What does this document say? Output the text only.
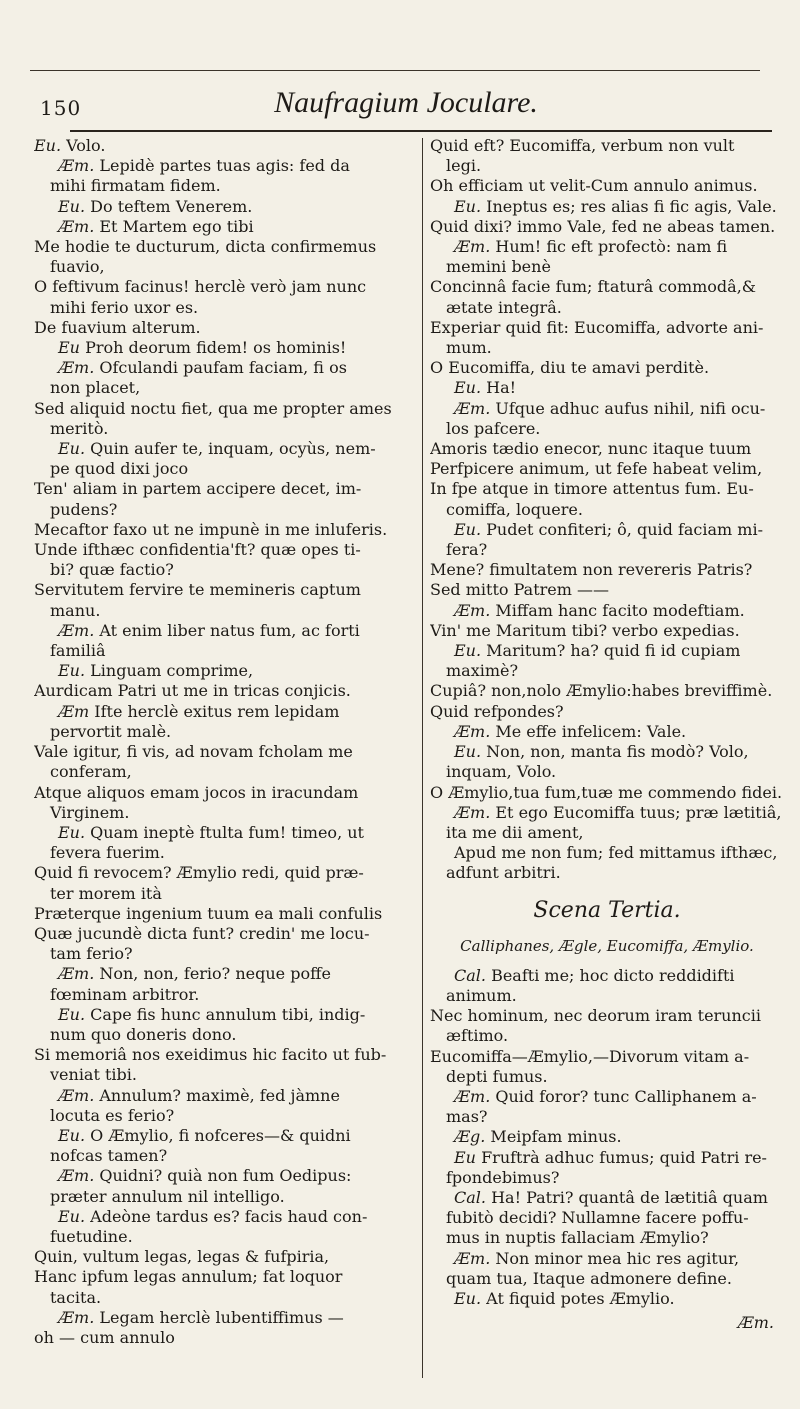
150	Naufragium Joculare.
Eu. Volo.
Æm. Lepidè partes tuas agis: fed da
mihi firmatam fidem.
Eu. Do teftem Venerem.
Æm. Et Martem ego tibi
Me hodie te ducturum, dicta confirmemus
fuavio,
O feftivum facinus! herclè verò jam nunc
mihi ferio uxor es.
De fuavium alterum.
Eu Proh deorum fidem! os hominis!
Æm. Ofculandi paufam faciam, fi os
non placet,
Sed aliquid noctu fiet, qua me propter ames
meritò.
Eu. Quin aufer te, inquam, ocyùs, nem-
pe quod dixi joco
Ten' aliam in partem accipere decet, im-
pudens?
Mecaftor faxo ut ne impunè in me inluferis.
Unde ifthæc confidentia'ft? quæ opes ti-
bi? quæ factio?
Servitutem fervire te memineris captum
manu.
Æm. At enim liber natus fum, ac forti
familiâ
Eu. Linguam comprime,
Aurdicam Patri ut me in tricas conjicis.
Æm Ifte herclè exitus rem lepidam
pervortit malè.
Vale igitur, fi vis, ad novam fcholam me
conferam,
Atque aliquos emam jocos in iracundam
Virginem.
Eu. Quam ineptè ftulta fum! timeo, ut
fevera fuerim.
Quid fi revocem? Æmylio redi, quid præ-
ter morem ità
Præterque ingenium tuum ea mali confulis
Quæ jucundè dicta funt? credin' me locu-
tam ferio?
Æm. Non, non, ferio? neque poffe
fœminam arbitror.
Eu. Cape fis hunc annulum tibi, indig-
num quo doneris dono.
Si memoriâ nos exeidimus hic facito ut fub-
veniat tibi.
Æm. Annulum? maximè, fed jàmne
locuta es ferio?
Eu. O Æmylio, fi nofceres—& quidni
nofcas tamen?
Æm. Quidni? quià non fum Oedipus:
præter annulum nil intelligo.
Eu. Adeòne tardus es? facis haud con-
fuetudine.
Quin, vultum legas, legas & fufpiria,
Hanc ipfum legas annulum; fat loquor
tacita.
Æm. Legam herclè lubentiffimus —
oh — cum annulo
Quid eft? Eucomiffa, verbum non vult
legi.
Oh efficiam ut velit-Cum annulo animus.
Eu. Ineptus es; res alias fi fic agis, Vale.
Quid dixi? immo Vale, fed ne abeas tamen.
Æm. Hum! fic eft profectò: nam fi
memini benè
Concinnâ facie fum; ftaturâ commodâ,&
ætate integrâ.
Experiar quid fit: Eucomiffa, advorte ani-
mum.
O Eucomiffa, diu te amavi perditè.
Eu. Ha!
Æm. Ufque adhuc aufus nihil, nifi ocu-
los pafcere.
Amoris tædio enecor, nunc itaque tuum
Perfpicere animum, ut fefe habeat velim,
In fpe atque in timore attentus fum. Eu-
comiffa, loquere.
Eu. Pudet confiteri; ô, quid faciam mi-
fera?
Mene? fimultatem non revereris Patris?
Sed mitto Patrem ——
Æm. Miffam hanc facito modeftiam.
Vin' me Maritum tibi? verbo expedias.
Eu. Maritum? ha? quid fi id cupiam
maximè?
Cupiâ? non,nolo Æmylio:habes breviffimè.
Quid refpondes?
Æm. Me effe infelicem: Vale.
Eu. Non, non, manta fis modò? Volo,
inquam, Volo.
O Æmylio,tua fum,tuæ me commendo fidei.
Æm. Et ego Eucomiffa tuus; præ lætitiâ,
ita me dii ament,
Apud me non fum; fed mittamus ifthæc,
adfunt arbitri.
Scena Tertia.
Calliphanes, Ægle, Eucomiffa, Æmylio.
Cal. Beafti me; hoc dicto reddidifti
animum.
Nec hominum, nec deorum iram teruncii
æftimo.
Eucomiffa—Æmylio,—Divorum vitam a-
depti fumus.
Æm. Quid foror? tunc Calliphanem a-
mas?
Æg. Meipfam minus.
Eu Fruftrà adhuc fumus; quid Patri re-
fpondebimus?
Cal. Ha! Patri? quantâ de lætitiâ quam
fubitò decidi? Nullamne facere poffu-
mus in nuptis fallaciam Æmylio?
Æm. Non minor mea hic res agitur,
quam tua, Itaque admonere define.
Eu. At fiquid potes Æmylio.
Æm.
